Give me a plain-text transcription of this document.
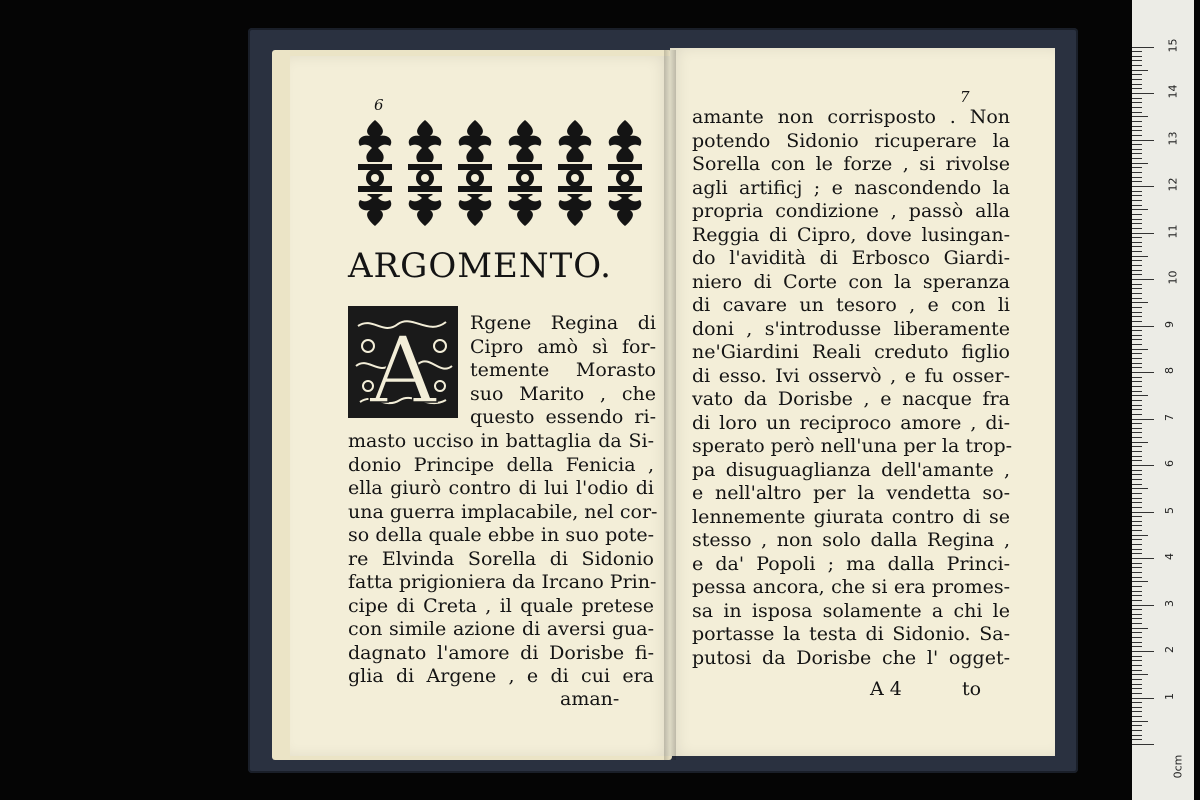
6
ARGOMENTO.
A Rgene Regina di
Cipro amò sì for-
temente Morasto
suo Marito , che
questo essendo ri-
masto ucciso in battaglia da Si-
donio Principe della Fenicia ,
ella giurò contro di lui l'odio di
una guerra implacabile, nel cor-
so della quale ebbe in suo pote-
re Elvinda Sorella di Sidonio
fatta prigioniera da Ircano Prin-
cipe di Creta , il quale pretese
con simile azione di aversi gua-
dagnato l'amore di Dorisbe fi-
glia di Argene , e di cui era
aman-
7
amante non corrisposto . Non
potendo Sidonio ricuperare la
Sorella con le forze , si rivolse
agli artificj ; e nascondendo la
propria condizione , passò alla
Reggia di Cipro, dove lusingan-
do l'avidità di Erbosco Giardi-
niero di Corte con la speranza
di cavare un tesoro , e con li
doni , s'introdusse liberamente
ne'Giardini Reali creduto figlio
di esso. Ivi osservò , e fu osser-
vato da Dorisbe , e nacque fra
di loro un reciproco amore , di-
sperato però nell'una per la trop-
pa disuguaglianza dell'amante ,
e nell'altro per la vendetta so-
lennemente giurata contro di se
stesso , non solo dalla Regina ,
e da' Popoli ; ma dalla Princi-
pessa ancora, che si era promes-
sa in isposa solamente a chi le
portasse la testa di Sidonio. Sa-
putosi da Dorisbe che l' ogget-
A 4	to
0cm
1
2
3
4
5
6
7
8
9
10
11
12
13
14
15
